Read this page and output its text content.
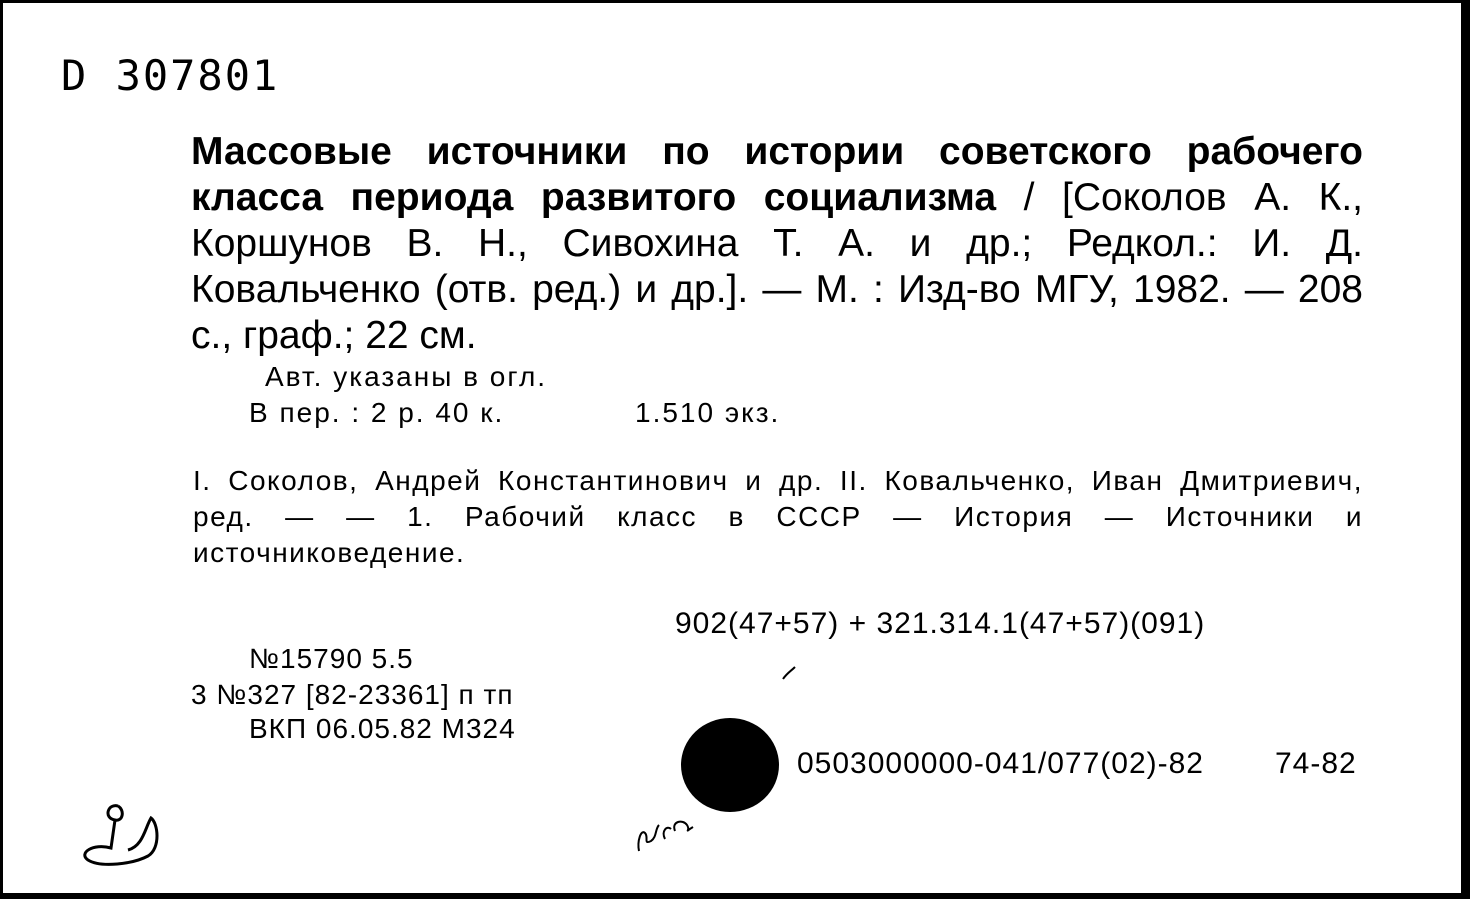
D 307801
Массовые источники по истории советского рабочего класса периода развитого социализма / [Соколов А. К., Коршунов В. Н., Сивохина Т. А. и др.; Редкол.: И. Д. Ковальченко (отв. ред.) и др.]. — М. : Изд-во МГУ, 1982. — 208 с., граф.; 22 см.
Авт. указаны в огл.
В пер. : 2 р. 40 к.	1.510 экз.
I. Соколов, Андрей Константинович и др. II. Ковальченко, Иван Дмитриевич, ред. — — 1. Рабочий класс в СССР — История — Источники и источниковедение.
902(47+57) + 321.314.1(47+57)(091)
№15790 5.5
3 №327 [82-23361] п тп
ВКП 06.05.82 М324
0503000000-041/077(02)-82 74-82
